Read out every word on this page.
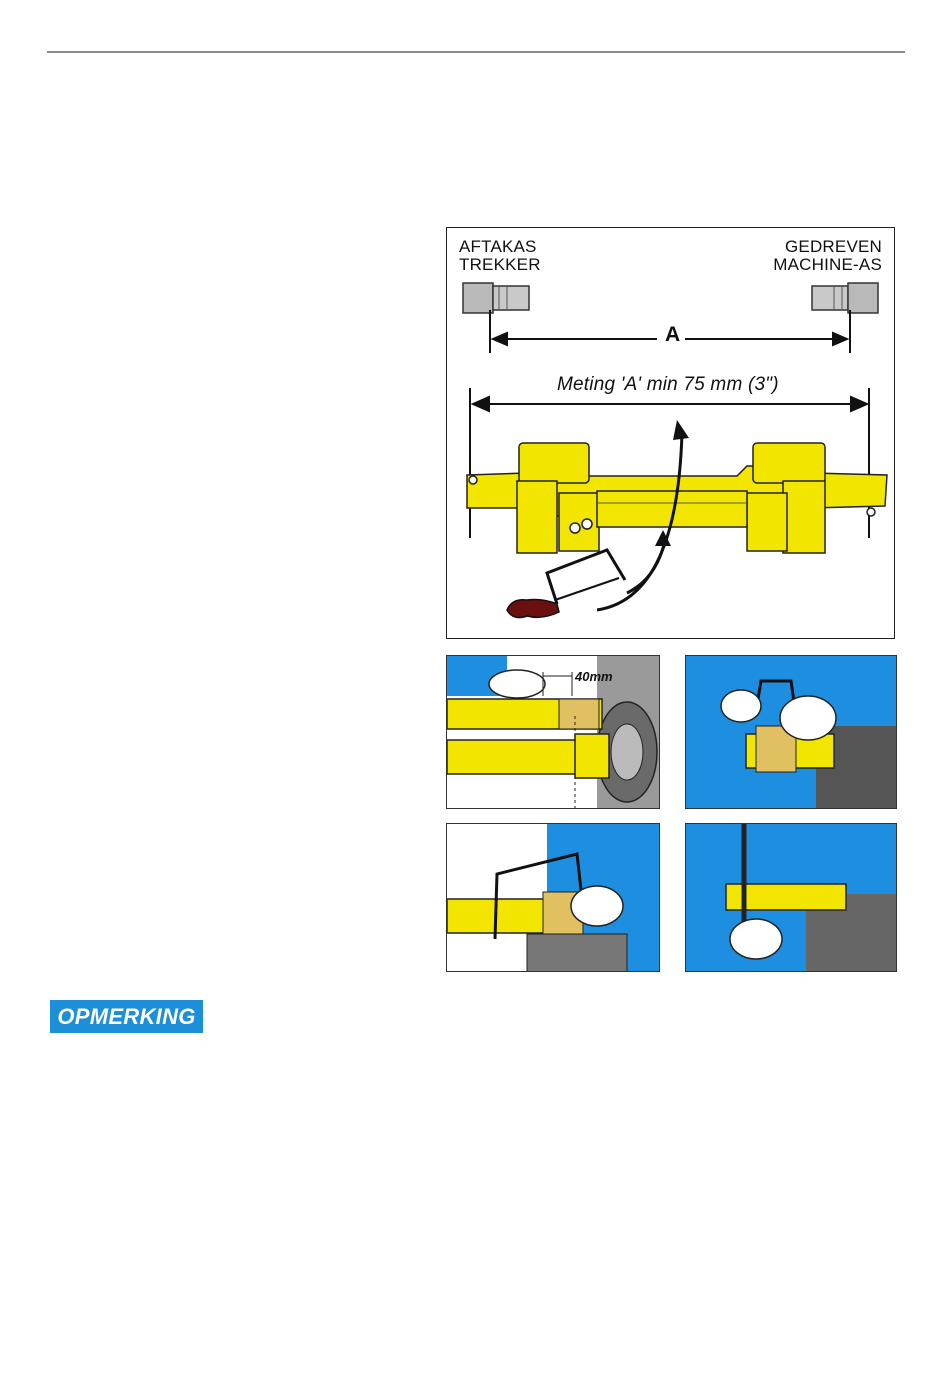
AFTAKAS
TREKKER
GEDREVEN
MACHINE-AS
A
Meting 'A' min 75 mm (3")
40mm
OPMERKING
